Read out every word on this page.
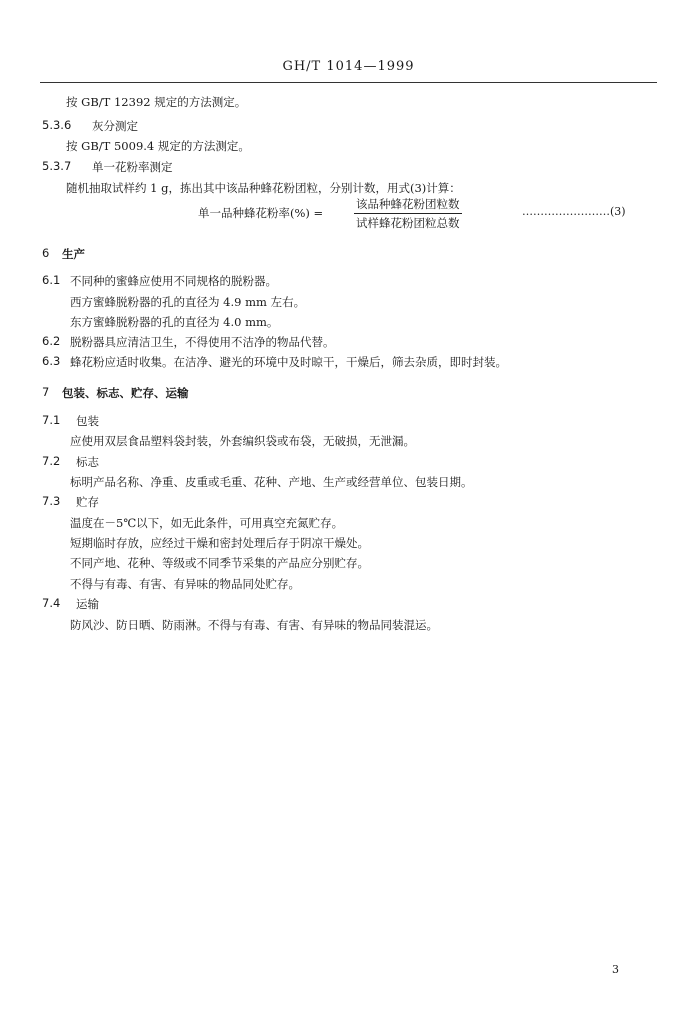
GH/T 1014—1999
按 GB/T 12392 规定的方法测定。
5.3.6 灰分测定
按 GB/T 5009.4 规定的方法测定。
5.3.7 单一花粉率测定
随机抽取试样约 1 g，拣出其中该品种蜂花粉团粒，分别计数，用式(3)计算：
单一品种蜂花粉率(%) =
该品种蜂花粉团粒数
试样蜂花粉团粒总数
……………………(3)
6 生产
6.1 不同种的蜜蜂应使用不同规格的脱粉器。
西方蜜蜂脱粉器的孔的直径为 4.9 mm 左右。
东方蜜蜂脱粉器的孔的直径为 4.0 mm。
6.2 脱粉器具应清洁卫生，不得使用不洁净的物品代替。
6.3 蜂花粉应适时收集。在洁净、避光的环境中及时晾干，干燥后，筛去杂质，即时封装。
7 包装、标志、贮存、运输
7.1 包装
应使用双层食品塑料袋封装，外套编织袋或布袋，无破损，无泄漏。
7.2 标志
标明产品名称、净重、皮重或毛重、花种、产地、生产或经营单位、包装日期。
7.3 贮存
温度在－5℃以下，如无此条件，可用真空充氮贮存。
短期临时存放，应经过干燥和密封处理后存于阴凉干燥处。
不同产地、花种、等级或不同季节采集的产品应分别贮存。
不得与有毒、有害、有异味的物品同处贮存。
7.4 运输
防风沙、防日晒、防雨淋。不得与有毒、有害、有异味的物品同装混运。
3
